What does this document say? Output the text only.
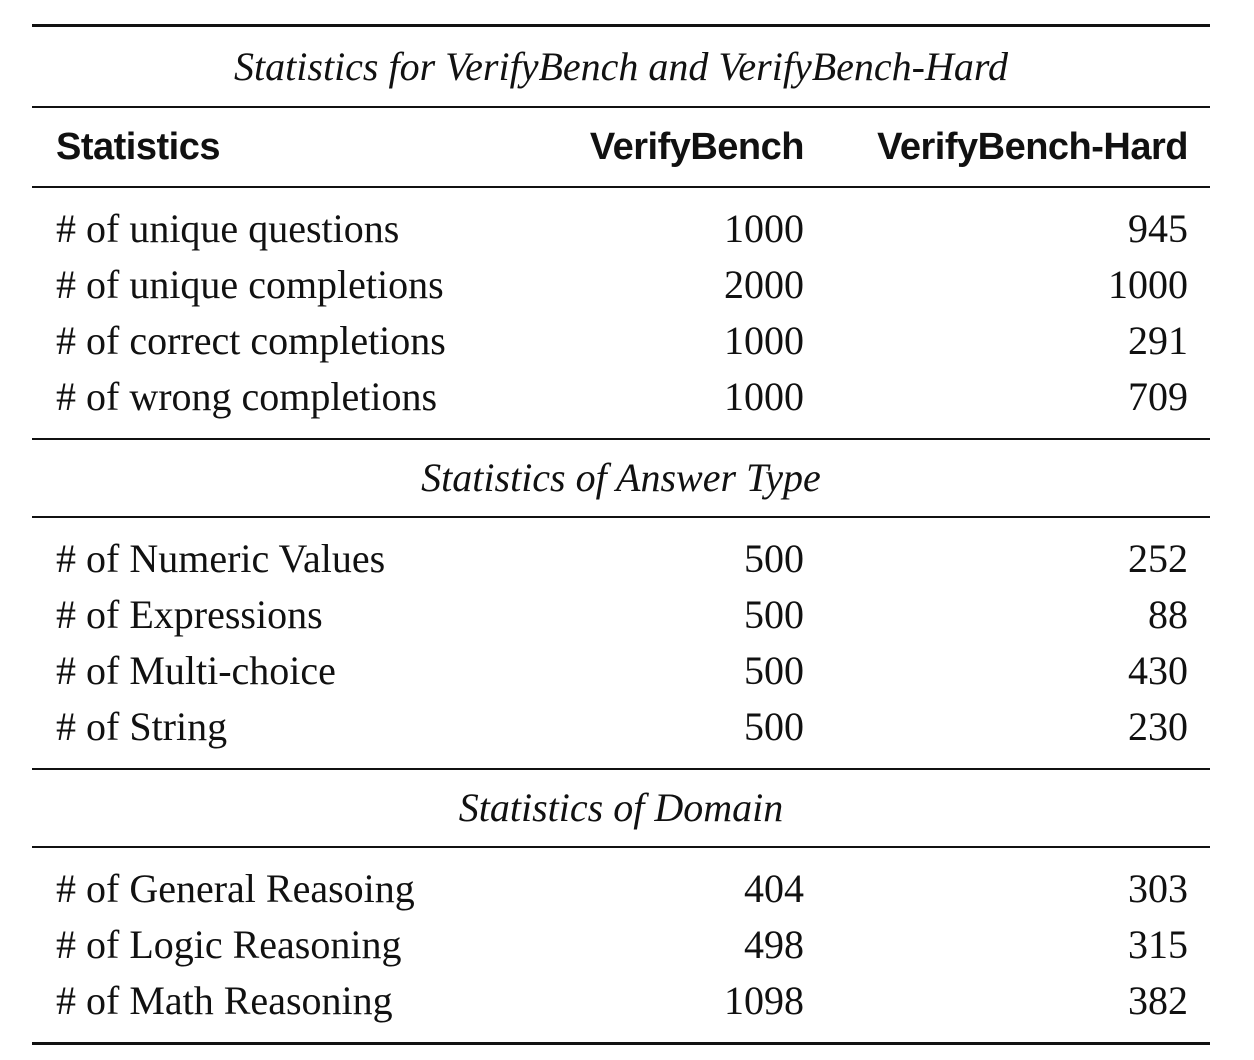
Statistics for VerifyBench and VerifyBench-Hard
Statistics	VerifyBench	VerifyBench-Hard
# of unique questions	1000	945
# of unique completions	2000	1000
# of correct completions	1000	291
# of wrong completions	1000	709
Statistics of Answer Type
# of Numeric Values	500	252
# of Expressions	500	88
# of Multi-choice	500	430
# of String	500	230
Statistics of Domain
# of General Reasoing	404	303
# of Logic Reasoning	498	315
# of Math Reasoning	1098	382
